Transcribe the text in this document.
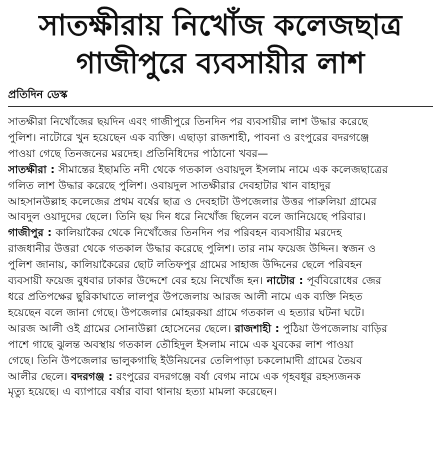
সাতক্ষীরায় নিখোঁজ কলেজছাত্র
গাজীপুরে ব্যবসায়ীর লাশ
প্রতিদিন ডেস্ক
সাতক্ষীরা নিখোঁজের ছয়দিন এবং গাজীপুরে তিনদিন পর ব্যবসায়ীর লাশ উদ্ধার করেছে
পুলিশ। নাটোরে খুন হয়েছেন এক ব্যক্তি। এছাড়া রাজশাহী, পাবনা ও রংপুরের বদরগঞ্জে
পাওয়া গেছে তিনজনের মরদেহ। প্রতিনিধিদের পাঠানো খবর—
সাতক্ষীরা : সীমান্তের ইছামতি নদী থেকে গতকাল ওবায়দুল ইসলাম নামে এক কলেজছাত্রের
গলিত লাশ উদ্ধার করেছে পুলিশ। ওবায়দুল সাতক্ষীরার দেবহাটার খান বাহাদুর
আহসানউল্লাহ কলেজের প্রথম বর্ষের ছাত্র ও দেবহাটা উপজেলার উত্তর পারুলিয়া গ্রামের
আবদুল ওয়াদুদের ছেলে। তিনি ছয় দিন ধরে নিখোঁজ ছিলেন বলে জানিয়েছে পরিবার।
গাজীপুর : কালিয়াকৈর থেকে নিখোঁজের তিনদিন পর পরিবহন ব্যবসায়ীর মরদেহ
রাজধানীর উত্তরা থেকে গতকাল উদ্ধার করেছে পুলিশ। তার নাম ফয়েজ উদ্দিন। স্বজন ও
পুলিশ জানায়, কালিয়াকৈরের ছোট লতিফপুর গ্রামের সাহাজ উদ্দিনের ছেলে পরিবহন
ব্যবসায়ী ফয়েজ বুধবার ঢাকার উদ্দেশে বের হয়ে নিখোঁজ হন। নাটোর : পূর্ববিরোধের জের
ধরে প্রতিপক্ষের ছুরিকাঘাতে লালপুর উপজেলায় আরজ আলী নামে এক ব্যক্তি নিহত
হয়েছেন বলে জানা গেছে। উপজেলার মোহরকয়া গ্রামে গতকাল এ হত্যার ঘটনা ঘটে।
আরজ আলী ওই গ্রামের সোনাউল্লা হোসেনের ছেলে। রাজশাহী : পুঠিয়া উপজেলায় বাড়ির
পাশে গাছে ঝুলন্ত অবস্থায় গতকাল তৌহিদুল ইসলাম নামে এক যুবকের লাশ পাওয়া
গেছে। তিনি উপজেলার ভালুকগাছি ইউনিয়নের তেলিপাড়া চকলোমাদী গ্রামের তৈয়ব
আলীর ছেলে। বদরগঞ্জ : রংপুরের বদরগঞ্জে বর্ষা বেগম নামে এক গৃহবধূর রহস্যজনক
মৃত্যু হয়েছে। এ ব্যাপারে বর্ষার বাবা থানায় হত্যা মামলা করেছেন।
